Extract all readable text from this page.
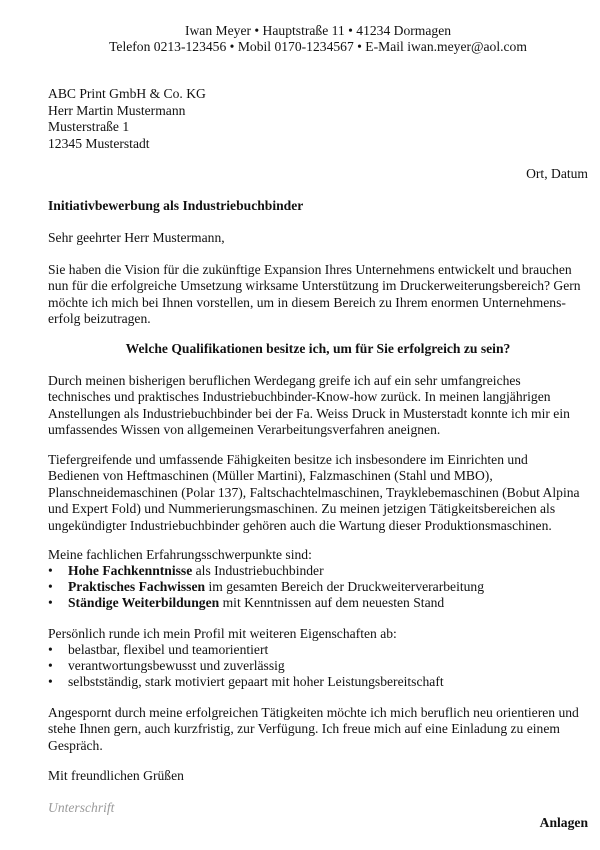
Iwan Meyer • Hauptstraße 11 • 41234 Dormagen
Telefon 0213-123456 • Mobil 0170-1234567 • E-Mail iwan.meyer@aol.com
ABC Print GmbH & Co. KG
Herr Martin Mustermann
Musterstraße 1
12345 Musterstadt
Ort, Datum
Initiativbewerbung als Industriebuchbinder
Sehr geehrter Herr Mustermann,
Sie haben die Vision für die zukünftige Expansion Ihres Unternehmens entwickelt und brauchen
nun für die erfolgreiche Umsetzung wirksame Unterstützung im Druckerweiterungsbereich? Gern
möchte ich mich bei Ihnen vorstellen, um in diesem Bereich zu Ihrem enormen Unternehmens-
erfolg beizutragen.
Welche Qualifikationen besitze ich, um für Sie erfolgreich zu sein?
Durch meinen bisherigen beruflichen Werdegang greife ich auf ein sehr umfangreiches
technisches und praktisches Industriebuchbinder-Know-how zurück. In meinen langjährigen
Anstellungen als Industriebuchbinder bei der Fa. Weiss Druck in Musterstadt konnte ich mir ein
umfassendes Wissen von allgemeinen Verarbeitungsverfahren aneignen.
Tiefergreifende und umfassende Fähigkeiten besitze ich insbesondere im Einrichten und
Bedienen von Heftmaschinen (Müller Martini), Falzmaschinen (Stahl und MBO),
Planschneidemaschinen (Polar 137), Faltschachtelmaschinen, Trayklebemaschinen (Bobut Alpina
und Expert Fold) und Nummerierungsmaschinen. Zu meinen jetzigen Tätigkeitsbereichen als
ungekündigter Industriebuchbinder gehören auch die Wartung dieser Produktionsmaschinen.
Meine fachlichen Erfahrungsschwerpunkte sind:
• Hohe Fachkenntnisse als Industriebuchbinder
• Praktisches Fachwissen im gesamten Bereich der Druckweiterverarbeitung
• Ständige Weiterbildungen mit Kenntnissen auf dem neuesten Stand
Persönlich runde ich mein Profil mit weiteren Eigenschaften ab:
• belastbar, flexibel und teamorientiert
• verantwortungsbewusst und zuverlässig
• selbstständig, stark motiviert gepaart mit hoher Leistungsbereitschaft
Angespornt durch meine erfolgreichen Tätigkeiten möchte ich mich beruflich neu orientieren und
stehe Ihnen gern, auch kurzfristig, zur Verfügung. Ich freue mich auf eine Einladung zu einem
Gespräch.
Mit freundlichen Grüßen
Unterschrift
Anlagen
